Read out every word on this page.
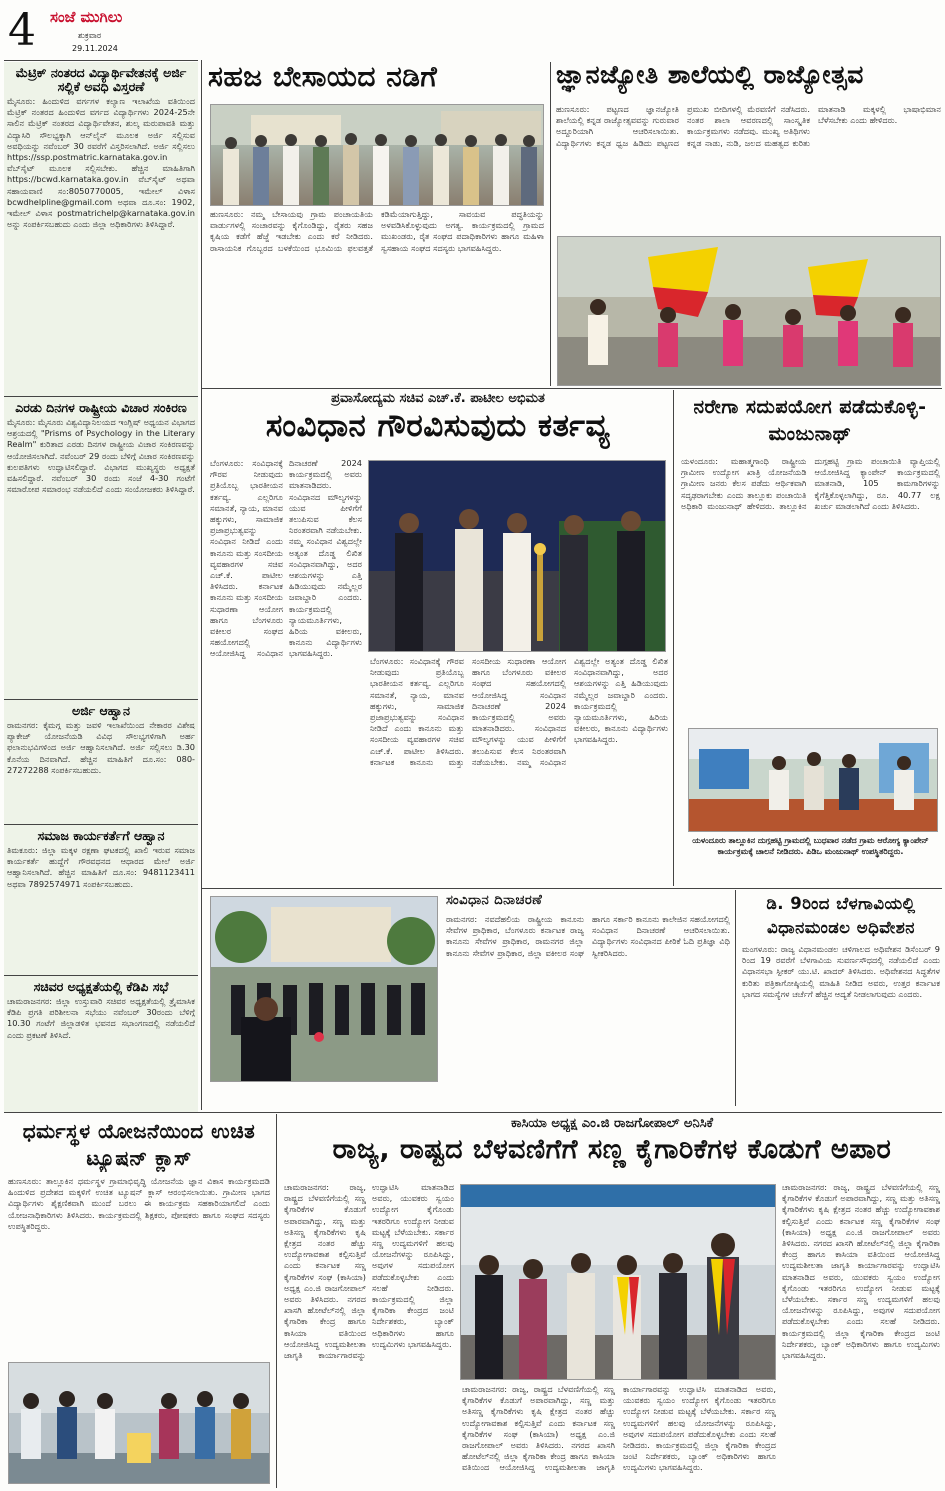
4 ಸಂಜೆ ಮುಗಿಲು
ಶುಕ್ರವಾರ
29.11.2024
ಮೆಟ್ರಿಕ್ ನಂತರದ ವಿದ್ಯಾರ್ಥಿವೇತನಕ್ಕೆ ಅರ್ಜಿ ಸಲ್ಲಿಕೆ ಅವಧಿ ವಿಸ್ತರಣೆ
ಮೈಸೂರು: ಹಿಂದುಳಿದ ವರ್ಗಗಳ ಕಲ್ಯಾಣ ಇಲಾಖೆಯ ವತಿಯಿಂದ ಮೆಟ್ರಿಕ್ ನಂತರದ ಹಿಂದುಳಿದ ವರ್ಗದ ವಿದ್ಯಾರ್ಥಿಗಳು 2024-25ನೇ ಸಾಲಿನ ಮೆಟ್ರಿಕ್ ನಂತರದ ವಿದ್ಯಾರ್ಥಿವೇತನ, ಶುಲ್ಕ ಮರುಪಾವತಿ ಮತ್ತು ವಿದ್ಯಾಸಿರಿ ಸೌಲಭ್ಯಕ್ಕಾಗಿ ಆನ್‌ಲೈನ್ ಮೂಲಕ ಅರ್ಜಿ ಸಲ್ಲಿಸುವ ಅವಧಿಯನ್ನು ನವೆಂಬರ್ 30 ರವರೆಗೆ ವಿಸ್ತರಿಸಲಾಗಿದೆ. ಅರ್ಜಿ ಸಲ್ಲಿಸಲು https://ssp.postmatric.karnataka.gov.in ವೆಬ್‌ಸೈಟ್ ಮೂಲಕ ಸಲ್ಲಿಸಬೇಕು. ಹೆಚ್ಚಿನ ಮಾಹಿತಿಗಾಗಿ https://bcwd.karnataka.gov.in ವೆಬ್‌ಸೈಟ್ ಅಥವಾ ಸಹಾಯವಾಣಿ ಸಂ:8050770005, ಇಮೇಲ್ ವಿಳಾಸ bcwdhelpline@gmail.com ಅಥವಾ ದೂ.ಸಂ: 1902, ಇಮೇಲ್ ವಿಳಾಸ postmatrichelp@karnataka.gov.in ಅನ್ನು ಸಂಪರ್ಕಿಸಬಹುದು ಎಂದು ಜಿಲ್ಲಾ ಅಧಿಕಾರಿಗಳು ತಿಳಿಸಿದ್ದಾರೆ.
ಎರಡು ದಿನಗಳ ರಾಷ್ಟ್ರೀಯ ವಿಚಾರ ಸಂಕಿರಣ
ಮೈಸೂರು: ಮೈಸೂರು ವಿಶ್ವವಿದ್ಯಾನಿಲಯದ ಇಂಗ್ಲಿಷ್ ಅಧ್ಯಯನ ವಿಭಾಗದ ಆಶ್ರಯದಲ್ಲಿ "Prisms of Psychology in the Literary Realm" ಕುರಿತಾದ ಎರಡು ದಿನಗಳ ರಾಷ್ಟ್ರೀಯ ವಿಚಾರ ಸಂಕಿರಣವನ್ನು ಆಯೋಜಿಸಲಾಗಿದೆ. ನವೆಂಬರ್ 29 ರಂದು ಬೆಳಿಗ್ಗೆ ವಿಚಾರ ಸಂಕಿರಣವನ್ನು ಕುಲಪತಿಗಳು ಉದ್ಘಾಟಿಸಲಿದ್ದಾರೆ. ವಿಭಾಗದ ಮುಖ್ಯಸ್ಥರು ಅಧ್ಯಕ್ಷತೆ ವಹಿಸಲಿದ್ದಾರೆ. ನವೆಂಬರ್ 30 ರಂದು ಸಂಜೆ 4-30 ಗಂಟೆಗೆ ಸಮಾರೋಪ ಸಮಾರಂಭ ನಡೆಯಲಿದೆ ಎಂದು ಸಂಯೋಜಕರು ತಿಳಿಸಿದ್ದಾರೆ.
ಅರ್ಜಿ ಆಹ್ವಾನ
ರಾಮನಗರ: ಕೈಮಗ್ಗ ಮತ್ತು ಜವಳಿ ಇಲಾಖೆಯಿಂದ ನೇಕಾರರ ವಿಶೇಷ ಪ್ಯಾಕೇಜ್ ಯೋಜನೆಯಡಿ ವಿವಿಧ ಸೌಲಭ್ಯಗಳಿಗಾಗಿ ಅರ್ಹ ಫಲಾನುಭವಿಗಳಿಂದ ಅರ್ಜಿ ಆಹ್ವಾನಿಸಲಾಗಿದೆ. ಅರ್ಜಿ ಸಲ್ಲಿಸಲು ಡಿ.30 ಕೊನೆಯ ದಿನವಾಗಿದೆ. ಹೆಚ್ಚಿನ ಮಾಹಿತಿಗೆ ದೂ.ಸಂ: 080-27272288 ಸಂಪರ್ಕಿಸಬಹುದು.
ಸಮಾಜ ಕಾರ್ಯಕರ್ತೆಗೆ ಆಹ್ವಾನ
ತಿಮಕೂರು: ಜಿಲ್ಲಾ ಮಕ್ಕಳ ರಕ್ಷಣಾ ಘಟಕದಲ್ಲಿ ಖಾಲಿ ಇರುವ ಸಮಾಜ ಕಾರ್ಯಕರ್ತೆ ಹುದ್ದೆಗೆ ಗೌರವಧನದ ಆಧಾರದ ಮೇಲೆ ಅರ್ಜಿ ಆಹ್ವಾನಿಸಲಾಗಿದೆ. ಹೆಚ್ಚಿನ ಮಾಹಿತಿಗೆ ದೂ.ಸಂ: 9481123411 ಅಥವಾ 7892574971 ಸಂಪರ್ಕಿಸಬಹುದು.
ಸಚಿವರ ಅಧ್ಯಕ್ಷತೆಯಲ್ಲಿ ಕೆಡಿಪಿ ಸಭೆ
ಚಾಮರಾಜನಗರ: ಜಿಲ್ಲಾ ಉಸ್ತುವಾರಿ ಸಚಿವರ ಅಧ್ಯಕ್ಷತೆಯಲ್ಲಿ ತ್ರೈಮಾಸಿಕ ಕೆಡಿಪಿ ಪ್ರಗತಿ ಪರಿಶೀಲನಾ ಸಭೆಯು ನವೆಂಬರ್ 30ರಂದು ಬೆಳಿಗ್ಗೆ 10.30 ಗಂಟೆಗೆ ಜಿಲ್ಲಾಡಳಿತ ಭವನದ ಸಭಾಂಗಣದಲ್ಲಿ ನಡೆಯಲಿದೆ ಎಂದು ಪ್ರಕಟಣೆ ತಿಳಿಸಿದೆ.
ಸಹಜ ಬೇಸಾಯದ ನಡಿಗೆ
ಹುಣಸೂರು: ನಮ್ಮ ಬೇಸಾಯವು ಗ್ರಾಮ ಪಂಚಾಯತಿಯ ವಾರ್ಡುಗಳಲ್ಲಿ ಸಂಚಾರವನ್ನು ಕೈಗೊಂಡಿದ್ದು, ರೈತರು ಸಹಜ ಕೃಷಿಯ ಕಡೆಗೆ ಹೆಜ್ಜೆ ಇಡಬೇಕು ಎಂದು ಕರೆ ನೀಡಿದರು. ರಾಸಾಯನಿಕ ಗೊಬ್ಬರದ ಬಳಕೆಯಿಂದ ಭೂಮಿಯ ಫಲವತ್ತತೆ ಕಡಿಮೆಯಾಗುತ್ತಿದ್ದು, ಸಾವಯವ ಪದ್ಧತಿಯನ್ನು ಅಳವಡಿಸಿಕೊಳ್ಳುವುದು ಅಗತ್ಯ. ಕಾರ್ಯಕ್ರಮದಲ್ಲಿ ಗ್ರಾಮದ ಮುಖಂಡರು, ರೈತ ಸಂಘದ ಪದಾಧಿಕಾರಿಗಳು ಹಾಗೂ ಮಹಿಳಾ ಸ್ವಸಹಾಯ ಸಂಘದ ಸದಸ್ಯರು ಭಾಗವಹಿಸಿದ್ದರು.
ಜ್ಞಾನಜ್ಯೋತಿ ಶಾಲೆಯಲ್ಲಿ ರಾಜ್ಯೋತ್ಸವ
ಹುಣಸೂರು: ಪಟ್ಟಣದ ಜ್ಞಾನಜ್ಯೋತಿ ಶಾಲೆಯಲ್ಲಿ ಕನ್ನಡ ರಾಜ್ಯೋತ್ಸವವನ್ನು ಗುರುವಾರ ಅದ್ದೂರಿಯಾಗಿ ಆಚರಿಸಲಾಯಿತು. ವಿದ್ಯಾರ್ಥಿಗಳು ಕನ್ನಡ ಧ್ವಜ ಹಿಡಿದು ಪಟ್ಟಣದ ಪ್ರಮುಖ ಬೀದಿಗಳಲ್ಲಿ ಮೆರವಣಿಗೆ ನಡೆಸಿದರು. ನಂತರ ಶಾಲಾ ಆವರಣದಲ್ಲಿ ಸಾಂಸ್ಕೃತಿಕ ಕಾರ್ಯಕ್ರಮಗಳು ನಡೆದವು. ಮುಖ್ಯ ಅತಿಥಿಗಳು ಕನ್ನಡ ನಾಡು, ನುಡಿ, ಜಲದ ಮಹತ್ವದ ಕುರಿತು ಮಾತನಾಡಿ ಮಕ್ಕಳಲ್ಲಿ ಭಾಷಾಭಿಮಾನ ಬೆಳೆಸಬೇಕು ಎಂದು ಹೇಳಿದರು.
ಪ್ರವಾಸೋದ್ಯಮ ಸಚಿವ ಎಚ್.ಕೆ. ಪಾಟೀಲ ಅಭಿಮತ
ಸಂವಿಧಾನ ಗೌರವಿಸುವುದು ಕರ್ತವ್ಯ
ಬೆಂಗಳೂರು: ಸಂವಿಧಾನಕ್ಕೆ ಗೌರವ ನೀಡುವುದು ಪ್ರತಿಯೊಬ್ಬ ಭಾರತೀಯನ ಕರ್ತವ್ಯ. ಎಲ್ಲರಿಗೂ ಸಮಾನತೆ, ನ್ಯಾಯ, ಮಾನವ ಹಕ್ಕುಗಳು, ಸಾಮಾಜಿಕ ಪ್ರಜಾಪ್ರಭುತ್ವವನ್ನು ಸಂವಿಧಾನ ನೀಡಿದೆ ಎಂದು ಕಾನೂನು ಮತ್ತು ಸಂಸದೀಯ ವ್ಯವಹಾರಗಳ ಸಚಿವ ಎಚ್.ಕೆ. ಪಾಟೀಲ ತಿಳಿಸಿದರು. ಕರ್ನಾಟಕ ಕಾನೂನು ಮತ್ತು ಸಂಸದೀಯ ಸುಧಾರಣಾ ಆಯೋಗ ಹಾಗೂ ಬೆಂಗಳೂರು ವಕೀಲರ ಸಂಘದ ಸಹಯೋಗದಲ್ಲಿ ಆಯೋಜಿಸಿದ್ದ ಸಂವಿಧಾನ ದಿನಾಚರಣೆ 2024 ಕಾರ್ಯಕ್ರಮದಲ್ಲಿ ಅವರು ಮಾತನಾಡಿದರು. ಸಂವಿಧಾನದ ಮೌಲ್ಯಗಳನ್ನು ಯುವ ಪೀಳಿಗೆಗೆ ತಲುಪಿಸುವ ಕೆಲಸ ನಿರಂತರವಾಗಿ ನಡೆಯಬೇಕು. ನಮ್ಮ ಸಂವಿಧಾನ ವಿಶ್ವದಲ್ಲೇ ಅತ್ಯಂತ ದೊಡ್ಡ ಲಿಖಿತ ಸಂವಿಧಾನವಾಗಿದ್ದು, ಅದರ ಆಶಯಗಳನ್ನು ಎತ್ತಿ ಹಿಡಿಯುವುದು ನಮ್ಮೆಲ್ಲರ ಜವಾಬ್ದಾರಿ ಎಂದರು. ಕಾರ್ಯಕ್ರಮದಲ್ಲಿ ನ್ಯಾಯಮೂರ್ತಿಗಳು, ಹಿರಿಯ ವಕೀಲರು, ಕಾನೂನು ವಿದ್ಯಾರ್ಥಿಗಳು ಭಾಗವಹಿಸಿದ್ದರು.
ಬೆಂಗಳೂರು: ಸಂವಿಧಾನಕ್ಕೆ ಗೌರವ ನೀಡುವುದು ಪ್ರತಿಯೊಬ್ಬ ಭಾರತೀಯನ ಕರ್ತವ್ಯ. ಎಲ್ಲರಿಗೂ ಸಮಾನತೆ, ನ್ಯಾಯ, ಮಾನವ ಹಕ್ಕುಗಳು, ಸಾಮಾಜಿಕ ಪ್ರಜಾಪ್ರಭುತ್ವವನ್ನು ಸಂವಿಧಾನ ನೀಡಿದೆ ಎಂದು ಕಾನೂನು ಮತ್ತು ಸಂಸದೀಯ ವ್ಯವಹಾರಗಳ ಸಚಿವ ಎಚ್.ಕೆ. ಪಾಟೀಲ ತಿಳಿಸಿದರು. ಕರ್ನಾಟಕ ಕಾನೂನು ಮತ್ತು ಸಂಸದೀಯ ಸುಧಾರಣಾ ಆಯೋಗ ಹಾಗೂ ಬೆಂಗಳೂರು ವಕೀಲರ ಸಂಘದ ಸಹಯೋಗದಲ್ಲಿ ಆಯೋಜಿಸಿದ್ದ ಸಂವಿಧಾನ ದಿನಾಚರಣೆ 2024 ಕಾರ್ಯಕ್ರಮದಲ್ಲಿ ಅವರು ಮಾತನಾಡಿದರು. ಸಂವಿಧಾನದ ಮೌಲ್ಯಗಳನ್ನು ಯುವ ಪೀಳಿಗೆಗೆ ತಲುಪಿಸುವ ಕೆಲಸ ನಿರಂತರವಾಗಿ ನಡೆಯಬೇಕು. ನಮ್ಮ ಸಂವಿಧಾನ ವಿಶ್ವದಲ್ಲೇ ಅತ್ಯಂತ ದೊಡ್ಡ ಲಿಖಿತ ಸಂವಿಧಾನವಾಗಿದ್ದು, ಅದರ ಆಶಯಗಳನ್ನು ಎತ್ತಿ ಹಿಡಿಯುವುದು ನಮ್ಮೆಲ್ಲರ ಜವಾಬ್ದಾರಿ ಎಂದರು. ಕಾರ್ಯಕ್ರಮದಲ್ಲಿ ನ್ಯಾಯಮೂರ್ತಿಗಳು, ಹಿರಿಯ ವಕೀಲರು, ಕಾನೂನು ವಿದ್ಯಾರ್ಥಿಗಳು ಭಾಗವಹಿಸಿದ್ದರು.
ನರೇಗಾ ಸದುಪಯೋಗ ಪಡೆದುಕೊಳ್ಳಿ-ಮಂಜುನಾಥ್
ಯಳಂದೂರು: ಮಹಾತ್ಮಗಾಂಧಿ ರಾಷ್ಟ್ರೀಯ ಗ್ರಾಮೀಣ ಉದ್ಯೋಗ ಖಾತ್ರಿ ಯೋಜನೆಯಡಿ ಗ್ರಾಮೀಣ ಜನರು ಕೆಲಸ ಪಡೆದು ಆರ್ಥಿಕವಾಗಿ ಸದೃಢರಾಗಬೇಕು ಎಂದು ತಾಲ್ಲೂಕು ಪಂಚಾಯಿತಿ ಅಧಿಕಾರಿ ಮಂಜುನಾಥ್ ಹೇಳಿದರು. ತಾಲ್ಲೂಕಿನ ದುಗ್ಗಹಟ್ಟಿ ಗ್ರಾಮ ಪಂಚಾಯಿತಿ ವ್ಯಾಪ್ತಿಯಲ್ಲಿ ಆಯೋಜಿಸಿದ್ದ ಕ್ಯಾಂಪೇನ್ ಕಾರ್ಯಕ್ರಮದಲ್ಲಿ ಮಾತನಾಡಿ, 105 ಕಾಮಗಾರಿಗಳನ್ನು ಕೈಗೆತ್ತಿಕೊಳ್ಳಲಾಗಿದ್ದು, ರೂ. 40.77 ಲಕ್ಷ ಖರ್ಚು ಮಾಡಲಾಗಿದೆ ಎಂದು ತಿಳಿಸಿದರು.
ಯಳಂದೂರು ತಾಲ್ಲೂಕಿನ ದುಗ್ಗಹಟ್ಟಿ ಗ್ರಾಮದಲ್ಲಿ ಬುಧವಾರ ನಡೆದ ಗ್ರಾಮ ಆರೋಗ್ಯ ಕ್ಯಾಂಪೇನ್ ಕಾರ್ಯಕ್ರಮಕ್ಕೆ ಚಾಲನೆ ನೀಡಿದರು. ಪಿಡಿಒ ಮಂಜುನಾಥ್ ಉಪಸ್ಥಿತರಿದ್ದರು.
ಸಂವಿಧಾನ ದಿನಾಚರಣೆ
ರಾಮನಗರ: ನವದೆಹಲಿಯ ರಾಷ್ಟ್ರೀಯ ಕಾನೂನು ಸೇವೆಗಳ ಪ್ರಾಧಿಕಾರ, ಬೆಂಗಳೂರು ಕರ್ನಾಟಕ ರಾಜ್ಯ ಕಾನೂನು ಸೇವೆಗಳ ಪ್ರಾಧಿಕಾರ, ರಾಮನಗರ ಜಿಲ್ಲಾ ಕಾನೂನು ಸೇವೆಗಳ ಪ್ರಾಧಿಕಾರ, ಜಿಲ್ಲಾ ವಕೀಲರ ಸಂಘ ಹಾಗೂ ಸರ್ಕಾರಿ ಕಾನೂನು ಕಾಲೇಜಿನ ಸಹಯೋಗದಲ್ಲಿ ಸಂವಿಧಾನ ದಿನಾಚರಣೆ ಆಚರಿಸಲಾಯಿತು. ವಿದ್ಯಾರ್ಥಿಗಳು ಸಂವಿಧಾನದ ಪೀಠಿಕೆ ಓದಿ ಪ್ರತಿಜ್ಞಾ ವಿಧಿ ಸ್ವೀಕರಿಸಿದರು.
ಡಿ. 9ರಿಂದ ಬೆಳಗಾವಿಯಲ್ಲಿ ವಿಧಾನಮಂಡಲ ಅಧಿವೇಶನ
ಮಂಗಳೂರು: ರಾಜ್ಯ ವಿಧಾನಮಂಡಲ ಚಳಿಗಾಲದ ಅಧಿವೇಶನ ಡಿಸೆಂಬರ್ 9 ರಿಂದ 19 ರವರೆಗೆ ಬೆಳಗಾವಿಯ ಸುವರ್ಣಸೌಧದಲ್ಲಿ ನಡೆಯಲಿದೆ ಎಂದು ವಿಧಾನಸಭಾ ಸ್ಪೀಕರ್ ಯು.ಟಿ. ಖಾದರ್ ತಿಳಿಸಿದರು. ಅಧಿವೇಶನದ ಸಿದ್ಧತೆಗಳ ಕುರಿತು ಪತ್ರಿಕಾಗೋಷ್ಠಿಯಲ್ಲಿ ಮಾಹಿತಿ ನೀಡಿದ ಅವರು, ಉತ್ತರ ಕರ್ನಾಟಕ ಭಾಗದ ಸಮಸ್ಯೆಗಳ ಚರ್ಚೆಗೆ ಹೆಚ್ಚಿನ ಆದ್ಯತೆ ನೀಡಲಾಗುವುದು ಎಂದರು.
ಧರ್ಮಸ್ಥಳ ಯೋಜನೆಯಿಂದ ಉಚಿತ ಟ್ಯೂಷನ್ ಕ್ಲಾಸ್
ಹುಣಸೂರು: ತಾಲ್ಲೂಕಿನ ಧರ್ಮಸ್ಥಳ ಗ್ರಾಮಾಭಿವೃದ್ಧಿ ಯೋಜನೆಯ ಜ್ಞಾನ ವಿಕಾಸ ಕಾರ್ಯಕ್ರಮದಡಿ ಹಿಂದುಳಿದ ಪ್ರದೇಶದ ಮಕ್ಕಳಿಗೆ ಉಚಿತ ಟ್ಯೂಷನ್ ಕ್ಲಾಸ್ ಆರಂಭಿಸಲಾಯಿತು. ಗ್ರಾಮೀಣ ಭಾಗದ ವಿದ್ಯಾರ್ಥಿಗಳು ಶೈಕ್ಷಣಿಕವಾಗಿ ಮುಂದೆ ಬರಲು ಈ ಕಾರ್ಯಕ್ರಮ ಸಹಕಾರಿಯಾಗಲಿದೆ ಎಂದು ಯೋಜನಾಧಿಕಾರಿಗಳು ತಿಳಿಸಿದರು. ಕಾರ್ಯಕ್ರಮದಲ್ಲಿ ಶಿಕ್ಷಕರು, ಪೋಷಕರು ಹಾಗೂ ಸಂಘದ ಸದಸ್ಯರು ಉಪಸ್ಥಿತರಿದ್ದರು.
ಕಾಸಿಯಾ ಅಧ್ಯಕ್ಷ ಎಂ.ಜಿ ರಾಜಗೋಪಾಲ್ ಅನಿಸಿಕೆ
ರಾಜ್ಯ, ರಾಷ್ಟದ ಬೆಳವಣಿಗೆಗೆ ಸಣ್ಣ ಕೈಗಾರಿಕೆಗಳ ಕೊಡುಗೆ ಅಪಾರ
ಚಾಮರಾಜನಗರ: ರಾಜ್ಯ, ರಾಷ್ಟ್ರದ ಬೆಳವಣಿಗೆಯಲ್ಲಿ ಸಣ್ಣ ಕೈಗಾರಿಕೆಗಳ ಕೊಡುಗೆ ಅಪಾರವಾಗಿದ್ದು, ಸಣ್ಣ ಮತ್ತು ಅತಿಸಣ್ಣ ಕೈಗಾರಿಕೆಗಳು ಕೃಷಿ ಕ್ಷೇತ್ರದ ನಂತರ ಹೆಚ್ಚು ಉದ್ಯೋಗಾವಕಾಶ ಕಲ್ಪಿಸುತ್ತಿವೆ ಎಂದು ಕರ್ನಾಟಕ ಸಣ್ಣ ಕೈಗಾರಿಕೆಗಳ ಸಂಘ (ಕಾಸಿಯಾ) ಅಧ್ಯಕ್ಷ ಎಂ.ಜಿ ರಾಜಗೋಪಾಲ್ ಅವರು ತಿಳಿಸಿದರು. ನಗರದ ಖಾಸಗಿ ಹೋಟೆಲ್‌ನಲ್ಲಿ ಜಿಲ್ಲಾ ಕೈಗಾರಿಕಾ ಕೇಂದ್ರ ಹಾಗೂ ಕಾಸಿಯಾ ವತಿಯಿಂದ ಆಯೋಜಿಸಿದ್ದ ಉದ್ಯಮಶೀಲತಾ ಜಾಗೃತಿ ಕಾರ್ಯಾಗಾರವನ್ನು ಉದ್ಘಾಟಿಸಿ ಮಾತನಾಡಿದ ಅವರು, ಯುವಕರು ಸ್ವಯಂ ಉದ್ಯೋಗ ಕೈಗೊಂಡು ಇತರರಿಗೂ ಉದ್ಯೋಗ ನೀಡುವ ಮಟ್ಟಕ್ಕೆ ಬೆಳೆಯಬೇಕು. ಸರ್ಕಾರ ಸಣ್ಣ ಉದ್ಯಮಗಳಿಗೆ ಹಲವು ಯೋಜನೆಗಳನ್ನು ರೂಪಿಸಿದ್ದು, ಅವುಗಳ ಸದುಪಯೋಗ ಪಡೆದುಕೊಳ್ಳಬೇಕು ಎಂದು ಸಲಹೆ ನೀಡಿದರು. ಕಾರ್ಯಕ್ರಮದಲ್ಲಿ ಜಿಲ್ಲಾ ಕೈಗಾರಿಕಾ ಕೇಂದ್ರದ ಜಂಟಿ ನಿರ್ದೇಶಕರು, ಬ್ಯಾಂಕ್ ಅಧಿಕಾರಿಗಳು ಹಾಗೂ ಉದ್ಯಮಿಗಳು ಭಾಗವಹಿಸಿದ್ದರು.
ಚಾಮರಾಜನಗರ: ರಾಜ್ಯ, ರಾಷ್ಟ್ರದ ಬೆಳವಣಿಗೆಯಲ್ಲಿ ಸಣ್ಣ ಕೈಗಾರಿಕೆಗಳ ಕೊಡುಗೆ ಅಪಾರವಾಗಿದ್ದು, ಸಣ್ಣ ಮತ್ತು ಅತಿಸಣ್ಣ ಕೈಗಾರಿಕೆಗಳು ಕೃಷಿ ಕ್ಷೇತ್ರದ ನಂತರ ಹೆಚ್ಚು ಉದ್ಯೋಗಾವಕಾಶ ಕಲ್ಪಿಸುತ್ತಿವೆ ಎಂದು ಕರ್ನಾಟಕ ಸಣ್ಣ ಕೈಗಾರಿಕೆಗಳ ಸಂಘ (ಕಾಸಿಯಾ) ಅಧ್ಯಕ್ಷ ಎಂ.ಜಿ ರಾಜಗೋಪಾಲ್ ಅವರು ತಿಳಿಸಿದರು. ನಗರದ ಖಾಸಗಿ ಹೋಟೆಲ್‌ನಲ್ಲಿ ಜಿಲ್ಲಾ ಕೈಗಾರಿಕಾ ಕೇಂದ್ರ ಹಾಗೂ ಕಾಸಿಯಾ ವತಿಯಿಂದ ಆಯೋಜಿಸಿದ್ದ ಉದ್ಯಮಶೀಲತಾ ಜಾಗೃತಿ ಕಾರ್ಯಾಗಾರವನ್ನು ಉದ್ಘಾಟಿಸಿ ಮಾತನಾಡಿದ ಅವರು, ಯುವಕರು ಸ್ವಯಂ ಉದ್ಯೋಗ ಕೈಗೊಂಡು ಇತರರಿಗೂ ಉದ್ಯೋಗ ನೀಡುವ ಮಟ್ಟಕ್ಕೆ ಬೆಳೆಯಬೇಕು. ಸರ್ಕಾರ ಸಣ್ಣ ಉದ್ಯಮಗಳಿಗೆ ಹಲವು ಯೋಜನೆಗಳನ್ನು ರೂಪಿಸಿದ್ದು, ಅವುಗಳ ಸದುಪಯೋಗ ಪಡೆದುಕೊಳ್ಳಬೇಕು ಎಂದು ಸಲಹೆ ನೀಡಿದರು. ಕಾರ್ಯಕ್ರಮದಲ್ಲಿ ಜಿಲ್ಲಾ ಕೈಗಾರಿಕಾ ಕೇಂದ್ರದ ಜಂಟಿ ನಿರ್ದೇಶಕರು, ಬ್ಯಾಂಕ್ ಅಧಿಕಾರಿಗಳು ಹಾಗೂ ಉದ್ಯಮಿಗಳು ಭಾಗವಹಿಸಿದ್ದರು.
ಚಾಮರಾಜನಗರ: ರಾಜ್ಯ, ರಾಷ್ಟ್ರದ ಬೆಳವಣಿಗೆಯಲ್ಲಿ ಸಣ್ಣ ಕೈಗಾರಿಕೆಗಳ ಕೊಡುಗೆ ಅಪಾರವಾಗಿದ್ದು, ಸಣ್ಣ ಮತ್ತು ಅತಿಸಣ್ಣ ಕೈಗಾರಿಕೆಗಳು ಕೃಷಿ ಕ್ಷೇತ್ರದ ನಂತರ ಹೆಚ್ಚು ಉದ್ಯೋಗಾವಕಾಶ ಕಲ್ಪಿಸುತ್ತಿವೆ ಎಂದು ಕರ್ನಾಟಕ ಸಣ್ಣ ಕೈಗಾರಿಕೆಗಳ ಸಂಘ (ಕಾಸಿಯಾ) ಅಧ್ಯಕ್ಷ ಎಂ.ಜಿ ರಾಜಗೋಪಾಲ್ ಅವರು ತಿಳಿಸಿದರು. ನಗರದ ಖಾಸಗಿ ಹೋಟೆಲ್‌ನಲ್ಲಿ ಜಿಲ್ಲಾ ಕೈಗಾರಿಕಾ ಕೇಂದ್ರ ಹಾಗೂ ಕಾಸಿಯಾ ವತಿಯಿಂದ ಆಯೋಜಿಸಿದ್ದ ಉದ್ಯಮಶೀಲತಾ ಜಾಗೃತಿ ಕಾರ್ಯಾಗಾರವನ್ನು ಉದ್ಘಾಟಿಸಿ ಮಾತನಾಡಿದ ಅವರು, ಯುವಕರು ಸ್ವಯಂ ಉದ್ಯೋಗ ಕೈಗೊಂಡು ಇತರರಿಗೂ ಉದ್ಯೋಗ ನೀಡುವ ಮಟ್ಟಕ್ಕೆ ಬೆಳೆಯಬೇಕು. ಸರ್ಕಾರ ಸಣ್ಣ ಉದ್ಯಮಗಳಿಗೆ ಹಲವು ಯೋಜನೆಗಳನ್ನು ರೂಪಿಸಿದ್ದು, ಅವುಗಳ ಸದುಪಯೋಗ ಪಡೆದುಕೊಳ್ಳಬೇಕು ಎಂದು ಸಲಹೆ ನೀಡಿದರು. ಕಾರ್ಯಕ್ರಮದಲ್ಲಿ ಜಿಲ್ಲಾ ಕೈಗಾರಿಕಾ ಕೇಂದ್ರದ ಜಂಟಿ ನಿರ್ದೇಶಕರು, ಬ್ಯಾಂಕ್ ಅಧಿಕಾರಿಗಳು ಹಾಗೂ ಉದ್ಯಮಿಗಳು ಭಾಗವಹಿಸಿದ್ದರು.
